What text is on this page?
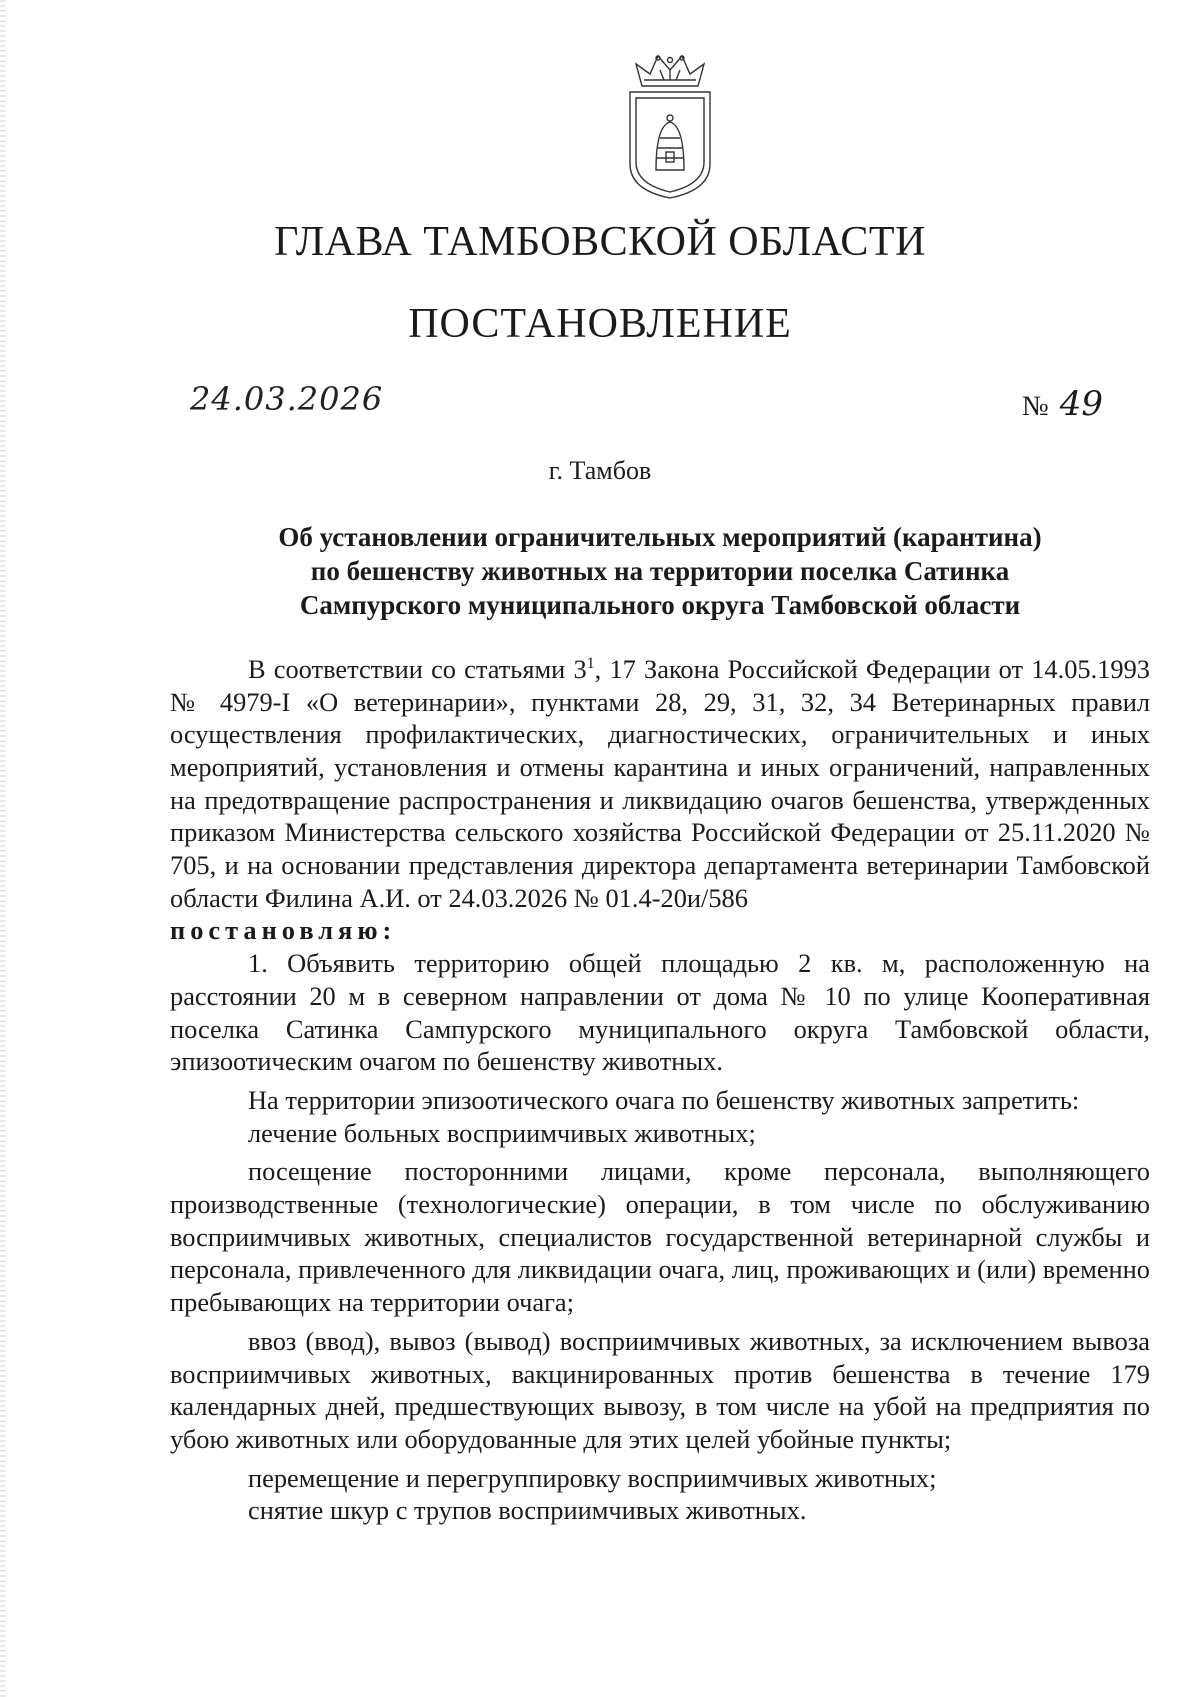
ГЛАВА ТАМБОВСКОЙ ОБЛАСТИ
ПОСТАНОВЛЕНИЕ
24.03.2026	№ 49
г. Тамбов
Об установлении ограничительных мероприятий (карантина)
по бешенству животных на территории поселка Сатинка
Сампурского муниципального округа Тамбовской области

В соответствии со статьями $3^1$, 17 Закона Российской Федерации от 14.05.1993 № 4979-I «О ветеринарии», пунктами 28, 29, 31, 32, 34 Ветеринарных правил осуществления профилактических, диагностических, ограничительных и иных мероприятий, установления и отмены карантина и иных ограничений, направленных на предотвращение распространения и ликвидацию очагов бешенства, утвержденных приказом Министерства сельского хозяйства Российской Федерации от 25.11.2020 № 705, и на основании представления директора департамента ветеринарии Тамбовской области Филина А.И. от 24.03.2026 № 01.4-20и/586

постановляю:

1. Объявить территорию общей площадью 2 кв. м, расположенную на расстоянии 20 м в северном направлении от дома № 10 по улице Кооперативная поселка Сатинка Сампурского муниципального округа Тамбовской области, эпизоотическим очагом по бешенству животных.

На территории эпизоотического очага по бешенству животных запретить:

лечение больных восприимчивых животных;

посещение посторонними лицами, кроме персонала, выполняющего производственные (технологические) операции, в том числе по обслуживанию восприимчивых животных, специалистов государственной ветеринарной службы и персонала, привлеченного для ликвидации очага, лиц, проживающих и (или) временно пребывающих на территории очага;

ввоз (ввод), вывоз (вывод) восприимчивых животных, за исключением вывоза восприимчивых животных, вакцинированных против бешенства в течение 179 календарных дней, предшествующих вывозу, в том числе на убой на предприятия по убою животных или оборудованные для этих целей убойные пункты;

перемещение и перегруппировку восприимчивых животных;

снятие шкур с трупов восприимчивых животных.
